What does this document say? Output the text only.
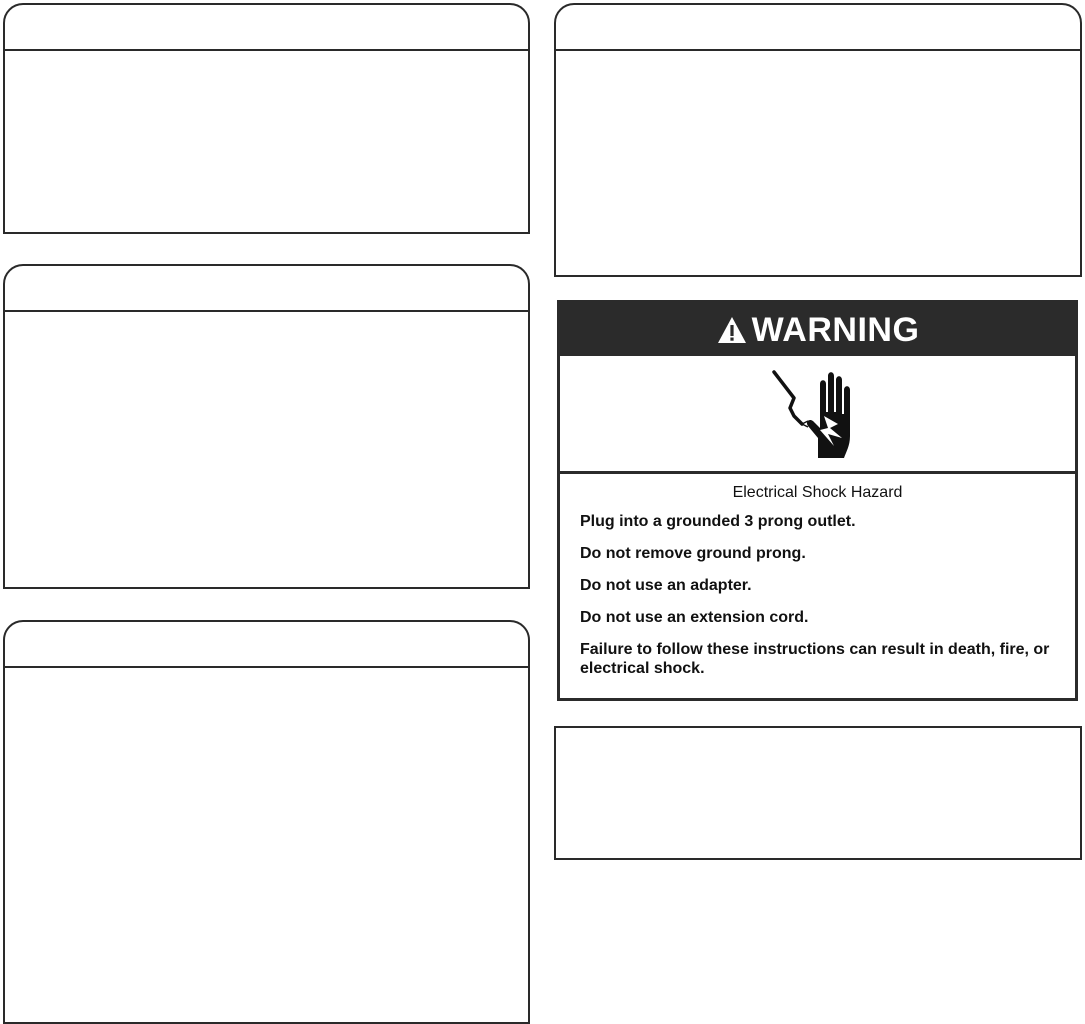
WARNING

Electrical Shock Hazard

Plug into a grounded 3 prong outlet.

Do not remove ground prong.

Do not use an adapter.

Do not use an extension cord.

Failure to follow these instructions can result in death, fire, or electrical shock.
